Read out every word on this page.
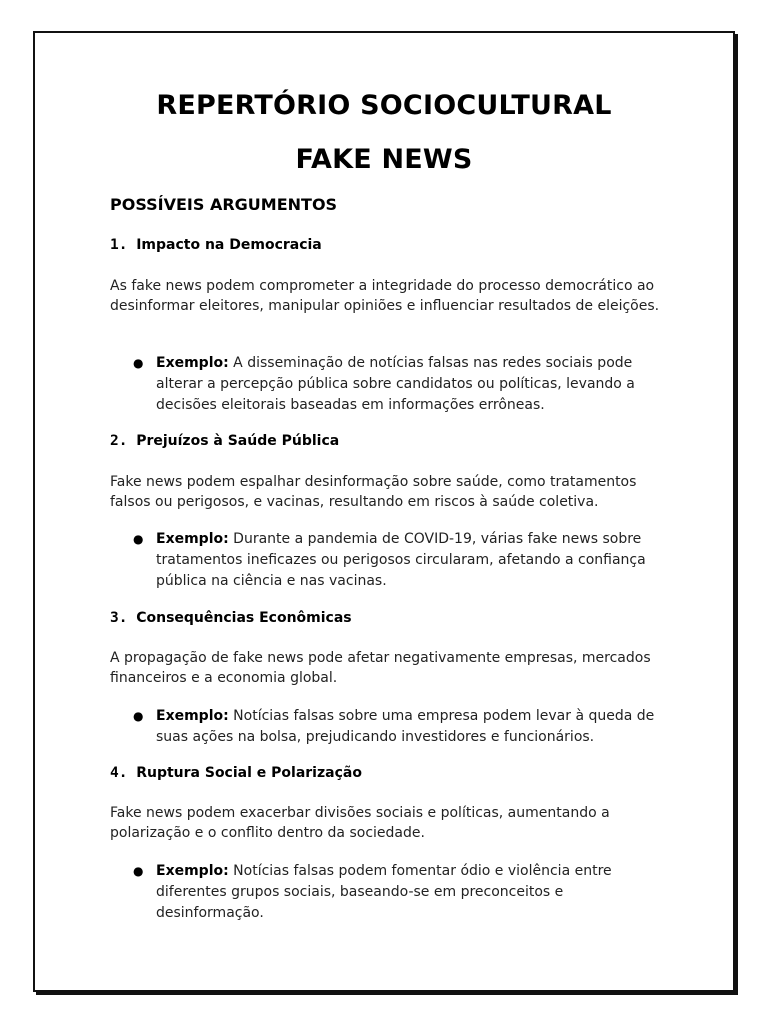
REPERTÓRIO SOCIOCULTURAL
FAKE NEWS
POSSÍVEIS ARGUMENTOS
1. Impacto na Democracia

As fake news podem comprometer a integridade do processo democrático ao desinformar eleitores, manipular opiniões e influenciar resultados de eleições.

● Exemplo: A disseminação de notícias falsas nas redes sociais pode alterar a percepção pública sobre candidatos ou políticas, levando a decisões eleitorais baseadas em informações errôneas.
2. Prejuízos à Saúde Pública

Fake news podem espalhar desinformação sobre saúde, como tratamentos falsos ou perigosos, e vacinas, resultando em riscos à saúde coletiva.

● Exemplo: Durante a pandemia de COVID-19, várias fake news sobre tratamentos ineficazes ou perigosos circularam, afetando a confiança pública na ciência e nas vacinas.
3. Consequências Econômicas

A propagação de fake news pode afetar negativamente empresas, mercados financeiros e a economia global.

● Exemplo: Notícias falsas sobre uma empresa podem levar à queda de suas ações na bolsa, prejudicando investidores e funcionários.
4. Ruptura Social e Polarização

Fake news podem exacerbar divisões sociais e políticas, aumentando a polarização e o conflito dentro da sociedade.

● Exemplo: Notícias falsas podem fomentar ódio e violência entre diferentes grupos sociais, baseando-se em preconceitos e desinformação.
